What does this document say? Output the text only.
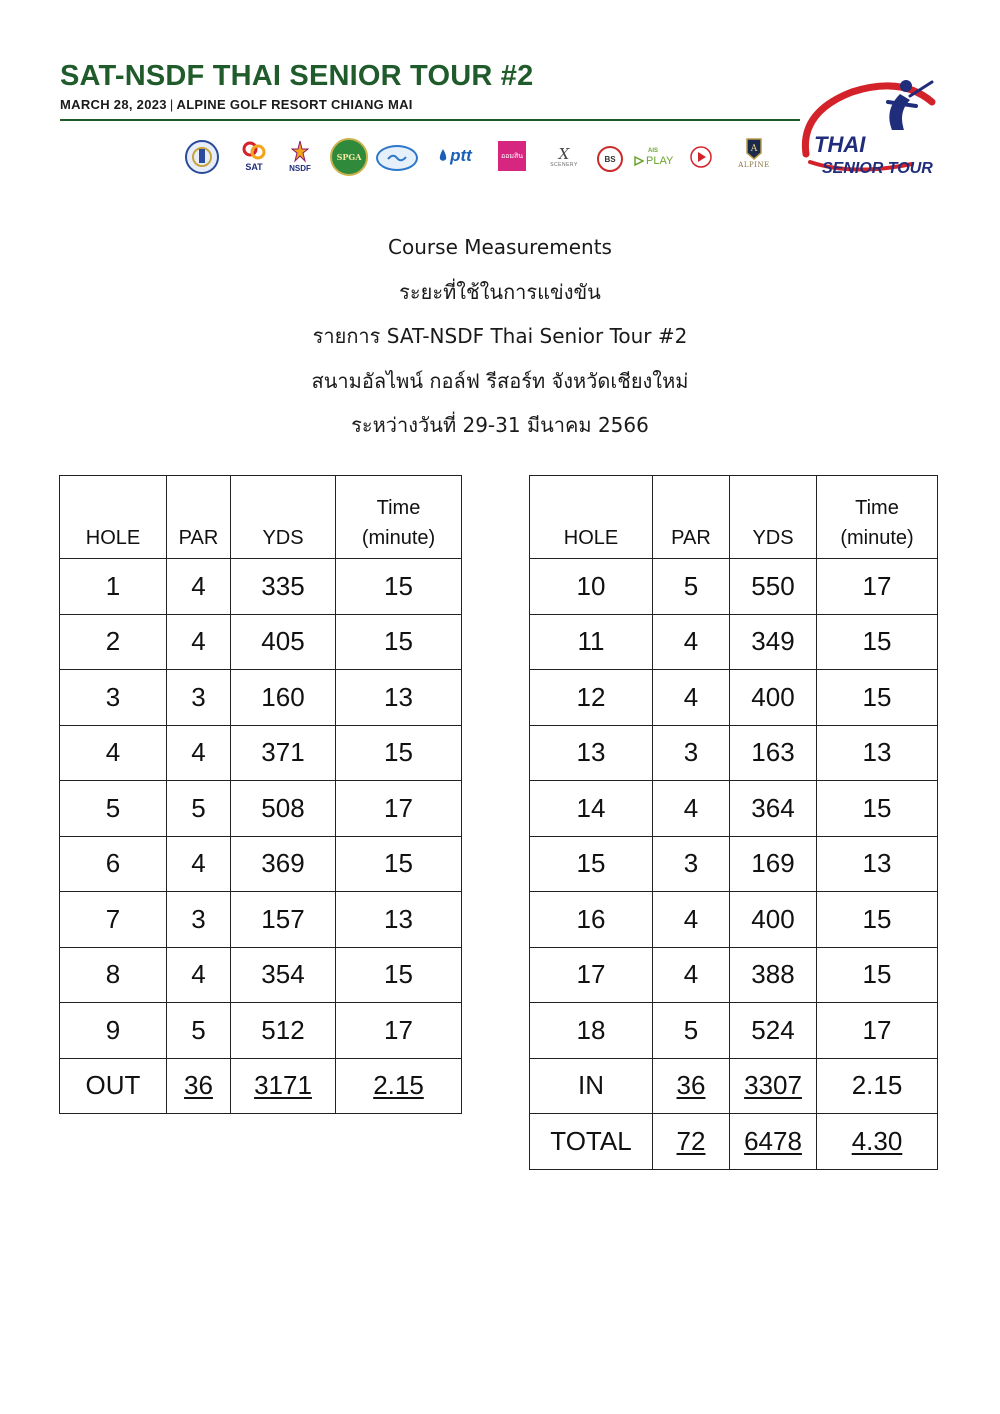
SAT-NSDF THAI SENIOR TOUR #2
MARCH 28, 2023 | ALPINE GOLF RESORT CHIANG MAI
SAT	NSDF
SPGA	ptt	ออมสิน X
SCENERY
BS
AIS
PLAY
A
ALPINE
THAI
SENIOR TOUR
Course Measurements
ระยะที่ใช้ในการแข่งขัน
รายการ SAT-NSDF Thai Senior Tour #2
สนามอัลไพน์ กอล์ฟ รีสอร์ท จังหวัดเชียงใหม่
ระหว่างวันที่ 29-31 มีนาคม 2566
HOLE	PAR	YDS	Time
(minute)
1	4	335	15
2	4	405	15
3	3	160	13
4	4	371	15
5	5	508	17
6	4	369	15
7	3	157	13
8	4	354	15
9	5	512	17
OUT	36	3171	2.15
HOLE	PAR	YDS	Time
(minute)
10	5	550	17
11	4	349	15
12	4	400	15
13	3	163	13
14	4	364	15
15	3	169	13
16	4	400	15
17	4	388	15
18	5	524	17
IN	36	3307	2.15
TOTAL	72	6478	4.30
